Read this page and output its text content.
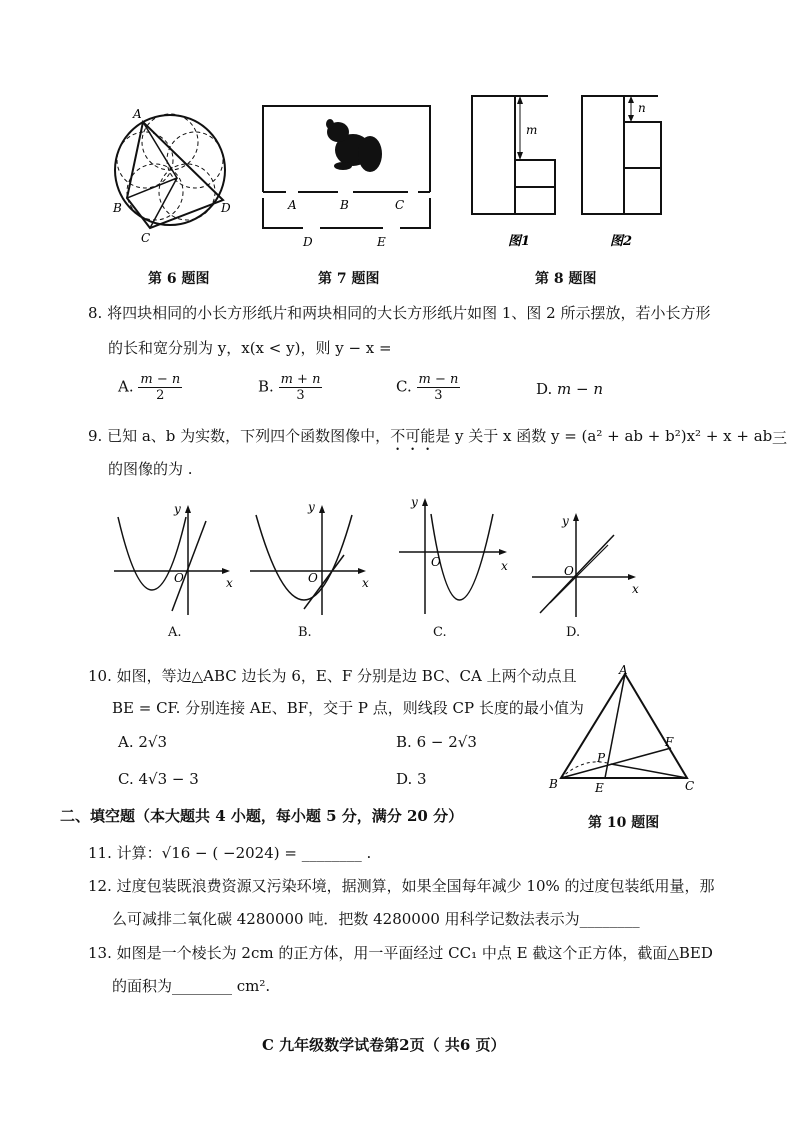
A
B
C
D
第 6 题图
A	B	C
D	E
第 7 题图
m
n
图1	图2
第 8 题图
8. 将四块相同的小长方形纸片和两块相同的大长方形纸片如图 1、图 2 所示摆放，若小长方形
的长和宽分别为 y，x(x < y)，则 y − x =
A. $\frac{m - n}{2}$	B. $\frac{m + n}{3}$	C. $\frac{m - n}{3}$	D. m − n
9. 已知 a、b 为实数，下列四个函数图像中，不可能是 y 关于 x 函数 y = (a² + ab + b²)x² + x + ab
的图像的为 .
三
y
O	x
A.
y
O	x
B.
y
O	x
C.
y
O
x
D.
10. 如图，等边△ABC 边长为 6，E、F 分别是边 BC、CA 上两个动点且
BE = CF. 分别连接 AE、BF，交于 P 点，则线段 CP 长度的最小值为
A. 2√3	B. 6 − 2√3
C. 4√3 − 3	D. 3
A
B	C
E
F
P
第 10 题图
二、填空题（本大题共 4 小题，每小题 5 分，满分 20 分）
11. 计算：√16 − ( −2024) = ________ .
12. 过度包装既浪费资源又污染环境，据测算，如果全国每年减少 10% 的过度包装纸用量，那
么可减排二氧化碳 4280000 吨．把数 4280000 用科学记数法表示为________
13. 如图是一个棱长为 2cm 的正方体，用一平面经过 CC₁ 中点 E 截这个正方体，截面△BED
的面积为________ cm².
C 九年级数学试卷第2页（ 共6 页）
